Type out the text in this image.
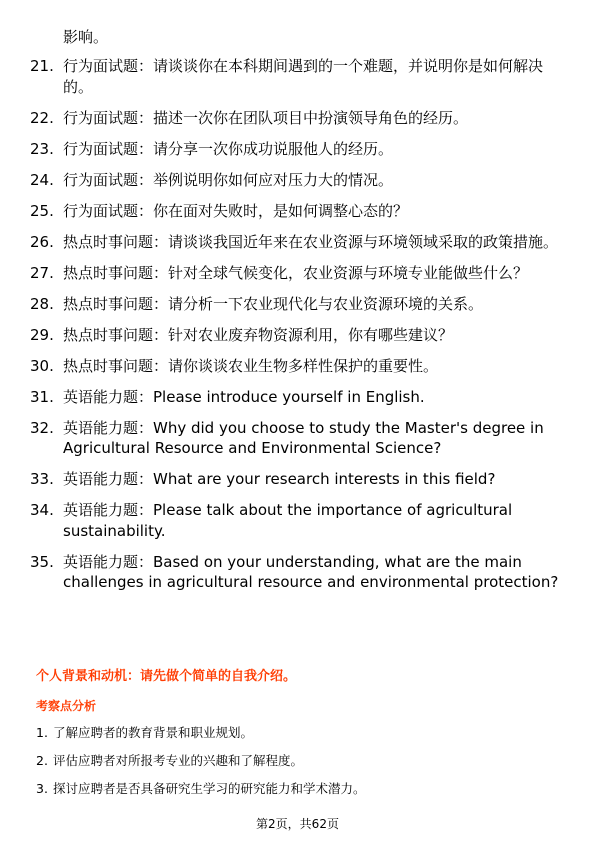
影响。
21. 行为面试题：请谈谈你在本科期间遇到的一个难题，并说明你是如何解决的。
22. 行为面试题：描述一次你在团队项目中扮演领导角色的经历。
23. 行为面试题：请分享一次你成功说服他人的经历。
24. 行为面试题：举例说明你如何应对压力大的情况。
25. 行为面试题：你在面对失败时，是如何调整心态的？
26. 热点时事问题：请谈谈我国近年来在农业资源与环境领域采取的政策措施。
27. 热点时事问题：针对全球气候变化，农业资源与环境专业能做些什么？
28. 热点时事问题：请分析一下农业现代化与农业资源环境的关系。
29. 热点时事问题：针对农业废弃物资源利用，你有哪些建议？
30. 热点时事问题：请你谈谈农业生物多样性保护的重要性。
31. 英语能力题：Please introduce yourself in English.
32. 英语能力题：Why did you choose to study the Master's degree in Agricultural Resource and Environmental Science?
33. 英语能力题：What are your research interests in this field?
34. 英语能力题：Please talk about the importance of agricultural sustainability.
35. 英语能力题：Based on your understanding, what are the main challenges in agricultural resource and environmental protection?
个人背景和动机：请先做个简单的自我介绍。
考察点分析
1. 了解应聘者的教育背景和职业规划。
2. 评估应聘者对所报考专业的兴趣和了解程度。
3. 探讨应聘者是否具备研究生学习的研究能力和学术潜力。
第2页，共62页
